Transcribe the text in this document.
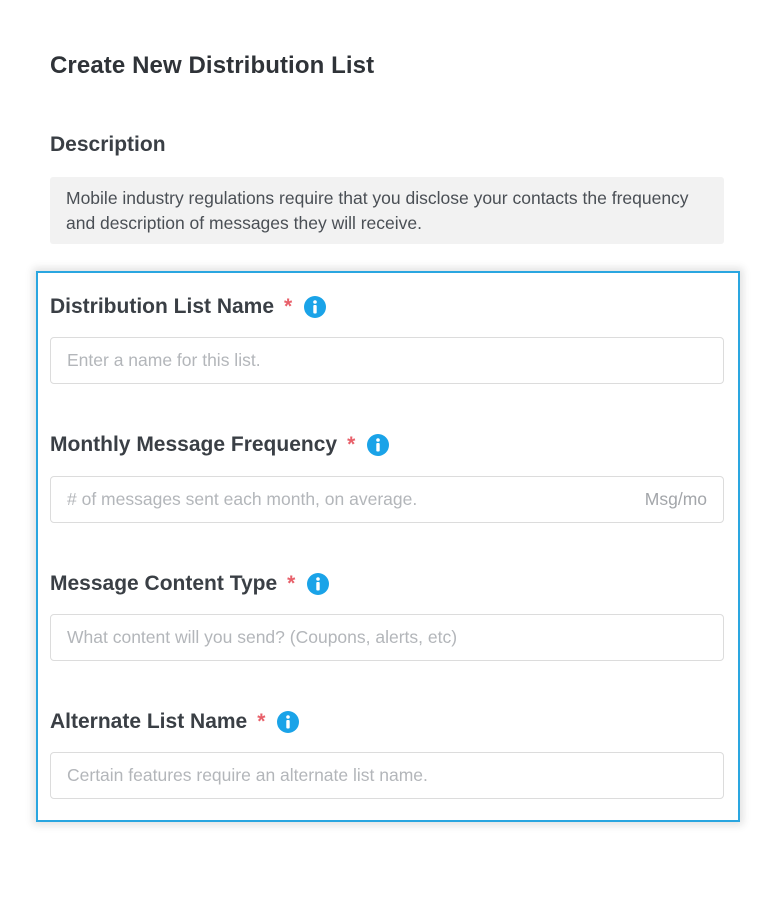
Create New Distribution List
Description
Mobile industry regulations require that you disclose your contacts the frequency and description of messages they will receive.
Distribution List Name *
Enter a name for this list.
Monthly Message Frequency *
# of messages sent each month, on average.
Msg/mo
Message Content Type *
What content will you send? (Coupons, alerts, etc)
Alternate List Name *
Certain features require an alternate list name.
